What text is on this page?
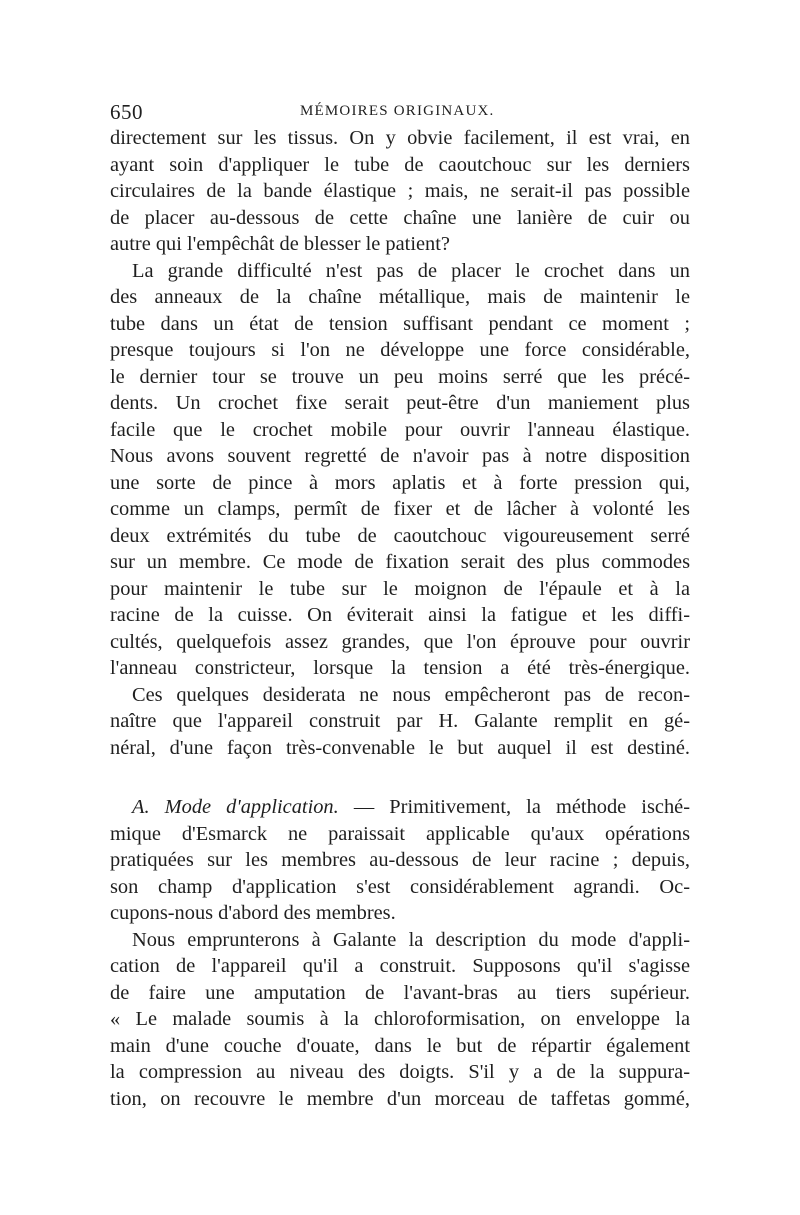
650	MÉMOIRES ORIGINAUX.
directement sur les tissus. On y obvie facilement, il est vrai, en
ayant soin d'appliquer le tube de caoutchouc sur les derniers
circulaires de la bande élastique ; mais, ne serait-il pas possible
de placer au-dessous de cette chaîne une lanière de cuir ou
autre qui l'empêchât de blesser le patient?
La grande difficulté n'est pas de placer le crochet dans un
des anneaux de la chaîne métallique, mais de maintenir le
tube dans un état de tension suffisant pendant ce moment ;
presque toujours si l'on ne développe une force considérable,
le dernier tour se trouve un peu moins serré que les précé-
dents. Un crochet fixe serait peut-être d'un maniement plus
facile que le crochet mobile pour ouvrir l'anneau élastique.
Nous avons souvent regretté de n'avoir pas à notre disposition
une sorte de pince à mors aplatis et à forte pression qui,
comme un clamps, permît de fixer et de lâcher à volonté les
deux extrémités du tube de caoutchouc vigoureusement serré
sur un membre. Ce mode de fixation serait des plus commodes
pour maintenir le tube sur le moignon de l'épaule et à la
racine de la cuisse. On éviterait ainsi la fatigue et les diffi-
cultés, quelquefois assez grandes, que l'on éprouve pour ouvrir
l'anneau constricteur, lorsque la tension a été très-énergique.
Ces quelques desiderata ne nous empêcheront pas de recon-
naître que l'appareil construit par H. Galante remplit en gé-
néral, d'une façon très-convenable le but auquel il est destiné.
A. Mode d'application. — Primitivement, la méthode isché-
mique d'Esmarck ne paraissait applicable qu'aux opérations
pratiquées sur les membres au-dessous de leur racine ; depuis,
son champ d'application s'est considérablement agrandi. Oc-
cupons-nous d'abord des membres.
Nous emprunterons à Galante la description du mode d'appli-
cation de l'appareil qu'il a construit. Supposons qu'il s'agisse
de faire une amputation de l'avant-bras au tiers supérieur.
« Le malade soumis à la chloroformisation, on enveloppe la
main d'une couche d'ouate, dans le but de répartir également
la compression au niveau des doigts. S'il y a de la suppura-
tion, on recouvre le membre d'un morceau de taffetas gommé,
